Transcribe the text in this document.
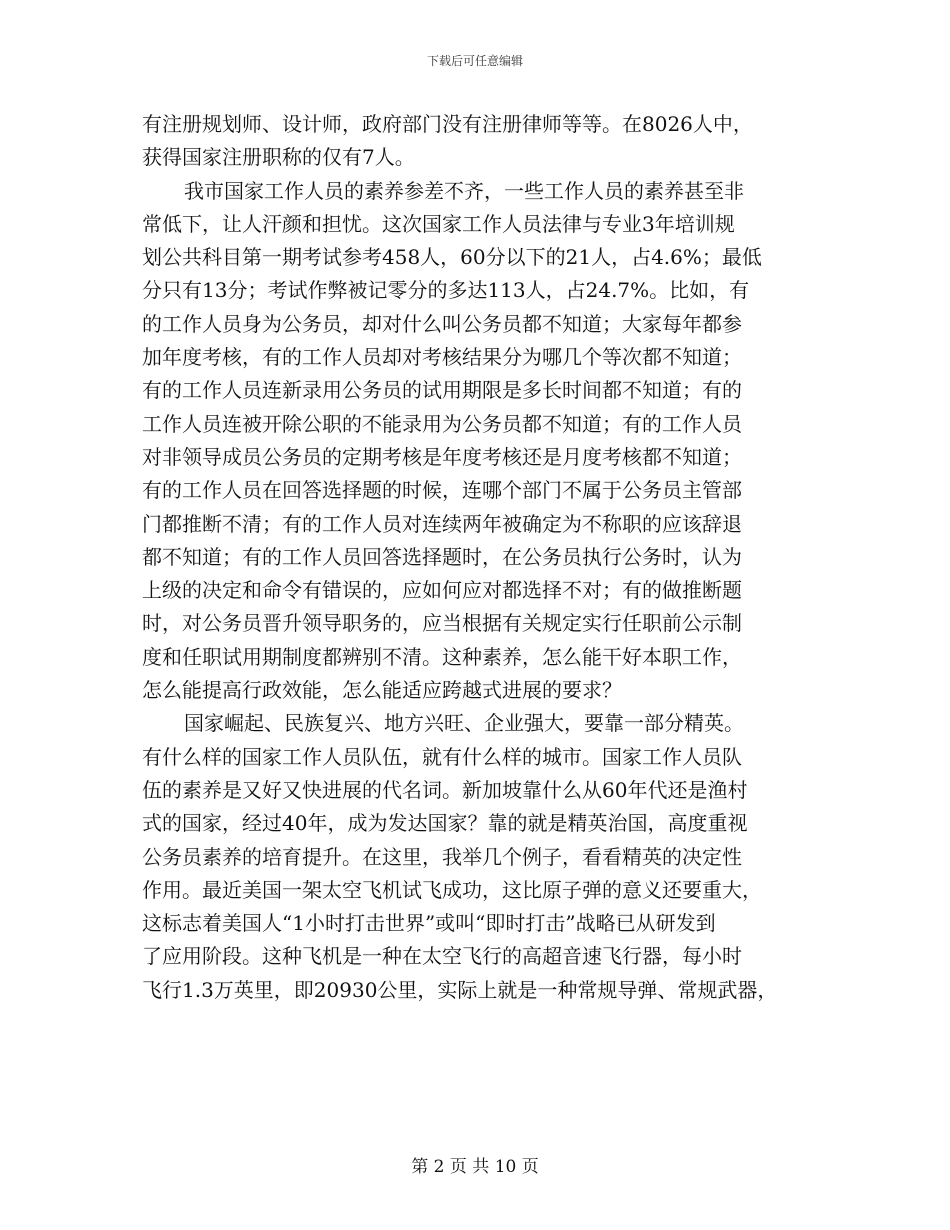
下载后可任意编辑
有注册规划师、设计师，政府部门没有注册律师等等。在8026人中，
获得国家注册职称的仅有7人。
我市国家工作人员的素养参差不齐，一些工作人员的素养甚至非
常低下，让人汗颜和担忧。这次国家工作人员法律与专业3年培训规
划公共科目第一期考试参考458人，60分以下的21人，占4.6%；最低
分只有13分；考试作弊被记零分的多达113人，占24.7%。比如，有
的工作人员身为公务员，却对什么叫公务员都不知道；大家每年都参
加年度考核，有的工作人员却对考核结果分为哪几个等次都不知道；
有的工作人员连新录用公务员的试用期限是多长时间都不知道；有的
工作人员连被开除公职的不能录用为公务员都不知道；有的工作人员
对非领导成员公务员的定期考核是年度考核还是月度考核都不知道；
有的工作人员在回答选择题的时候，连哪个部门不属于公务员主管部
门都推断不清；有的工作人员对连续两年被确定为不称职的应该辞退
都不知道；有的工作人员回答选择题时，在公务员执行公务时，认为
上级的决定和命令有错误的，应如何应对都选择不对；有的做推断题
时，对公务员晋升领导职务的，应当根据有关规定实行任职前公示制
度和任职试用期制度都辨别不清。这种素养，怎么能干好本职工作，
怎么能提高行政效能，怎么能适应跨越式进展的要求？
国家崛起、民族复兴、地方兴旺、企业强大，要靠一部分精英。
有什么样的国家工作人员队伍，就有什么样的城市。国家工作人员队
伍的素养是又好又快进展的代名词。新加坡靠什么从60年代还是渔村
式的国家，经过40年，成为发达国家？靠的就是精英治国，高度重视
公务员素养的培育提升。在这里，我举几个例子，看看精英的决定性
作用。最近美国一架太空飞机试飞成功，这比原子弹的意义还要重大，
这标志着美国人“1小时打击世界”或叫“即时打击”战略已从研发到
了应用阶段。这种飞机是一种在太空飞行的高超音速飞行器，每小时
飞行1.3万英里，即20930公里，实际上就是一种常规导弹、常规武器，
第 2 页 共 10 页
